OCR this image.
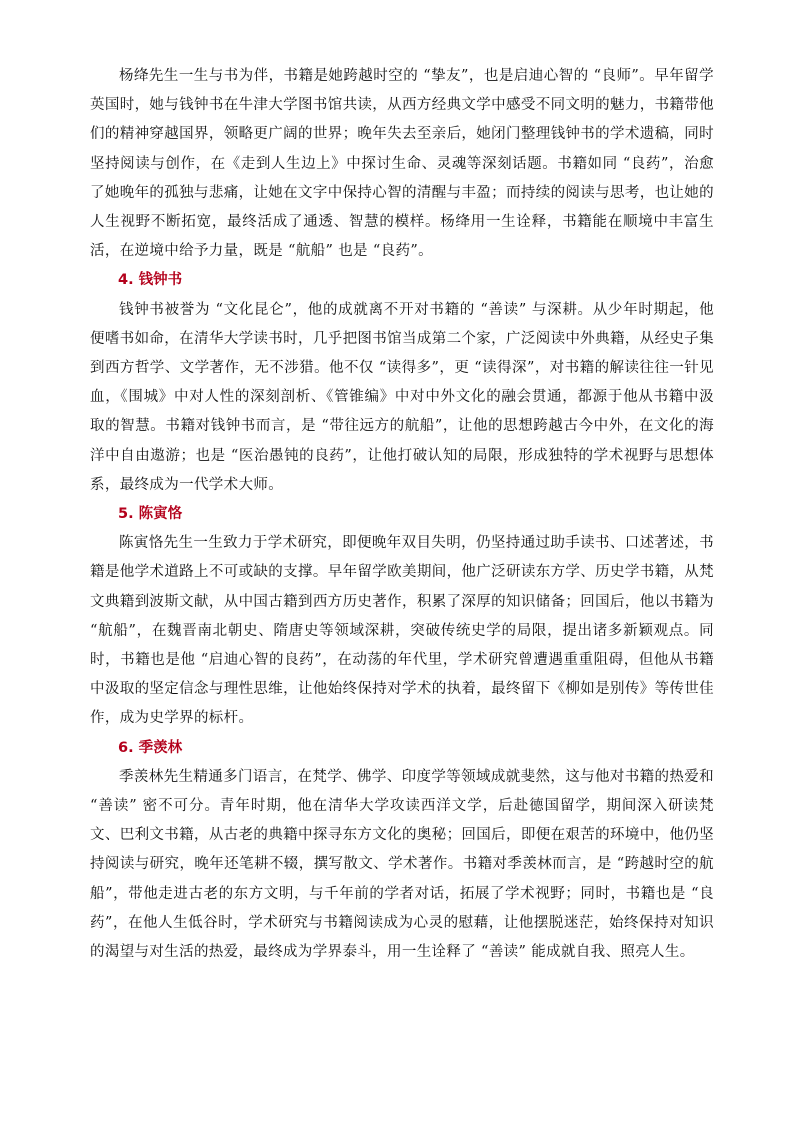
杨绛先生一生与书为伴，书籍是她跨越时空的 “挚友”，也是启迪心智的 “良师”。早年留学英国时，她与钱钟书在牛津大学图书馆共读，从西方经典文学中感受不同文明的魅力，书籍带他们的精神穿越国界，领略更广阔的世界；晚年失去至亲后，她闭门整理钱钟书的学术遗稿，同时坚持阅读与创作，在《走到人生边上》中探讨生命、灵魂等深刻话题。书籍如同 “良药”，治愈了她晚年的孤独与悲痛，让她在文字中保持心智的清醒与丰盈；而持续的阅读与思考，也让她的人生视野不断拓宽，最终活成了通透、智慧的模样。杨绛用一生诠释，书籍能在顺境中丰富生活，在逆境中给予力量，既是 “航船” 也是 “良药”。

4. 钱钟书

钱钟书被誉为 “文化昆仑”，他的成就离不开对书籍的 “善读” 与深耕。从少年时期起，他便嗜书如命，在清华大学读书时，几乎把图书馆当成第二个家，广泛阅读中外典籍，从经史子集到西方哲学、文学著作，无不涉猎。他不仅 “读得多”，更 “读得深”，对书籍的解读往往一针见血，《围城》中对人性的深刻剖析、《管锥编》中对中外文化的融会贯通，都源于他从书籍中汲取的智慧。书籍对钱钟书而言，是 “带往远方的航船”，让他的思想跨越古今中外，在文化的海洋中自由遨游；也是 “医治愚钝的良药”，让他打破认知的局限，形成独特的学术视野与思想体系，最终成为一代学术大师。

5. 陈寅恪

陈寅恪先生一生致力于学术研究，即便晚年双目失明，仍坚持通过助手读书、口述著述，书籍是他学术道路上不可或缺的支撑。早年留学欧美期间，他广泛研读东方学、历史学书籍，从梵文典籍到波斯文献，从中国古籍到西方历史著作，积累了深厚的知识储备；回国后，他以书籍为 “航船”，在魏晋南北朝史、隋唐史等领域深耕，突破传统史学的局限，提出诸多新颖观点。同时，书籍也是他 “启迪心智的良药”，在动荡的年代里，学术研究曾遭遇重重阻碍，但他从书籍中汲取的坚定信念与理性思维，让他始终保持对学术的执着，最终留下《柳如是别传》等传世佳作，成为史学界的标杆。

6. 季羡林

季羡林先生精通多门语言，在梵学、佛学、印度学等领域成就斐然，这与他对书籍的热爱和 “善读” 密不可分。青年时期，他在清华大学攻读西洋文学，后赴德国留学，期间深入研读梵文、巴利文书籍，从古老的典籍中探寻东方文化的奥秘；回国后，即便在艰苦的环境中，他仍坚持阅读与研究，晚年还笔耕不辍，撰写散文、学术著作。书籍对季羡林而言，是 “跨越时空的航船”，带他走进古老的东方文明，与千年前的学者对话，拓展了学术视野；同时，书籍也是 “良药”，在他人生低谷时，学术研究与书籍阅读成为心灵的慰藉，让他摆脱迷茫，始终保持对知识的渴望与对生活的热爱，最终成为学界泰斗，用一生诠释了 “善读” 能成就自我、照亮人生。
